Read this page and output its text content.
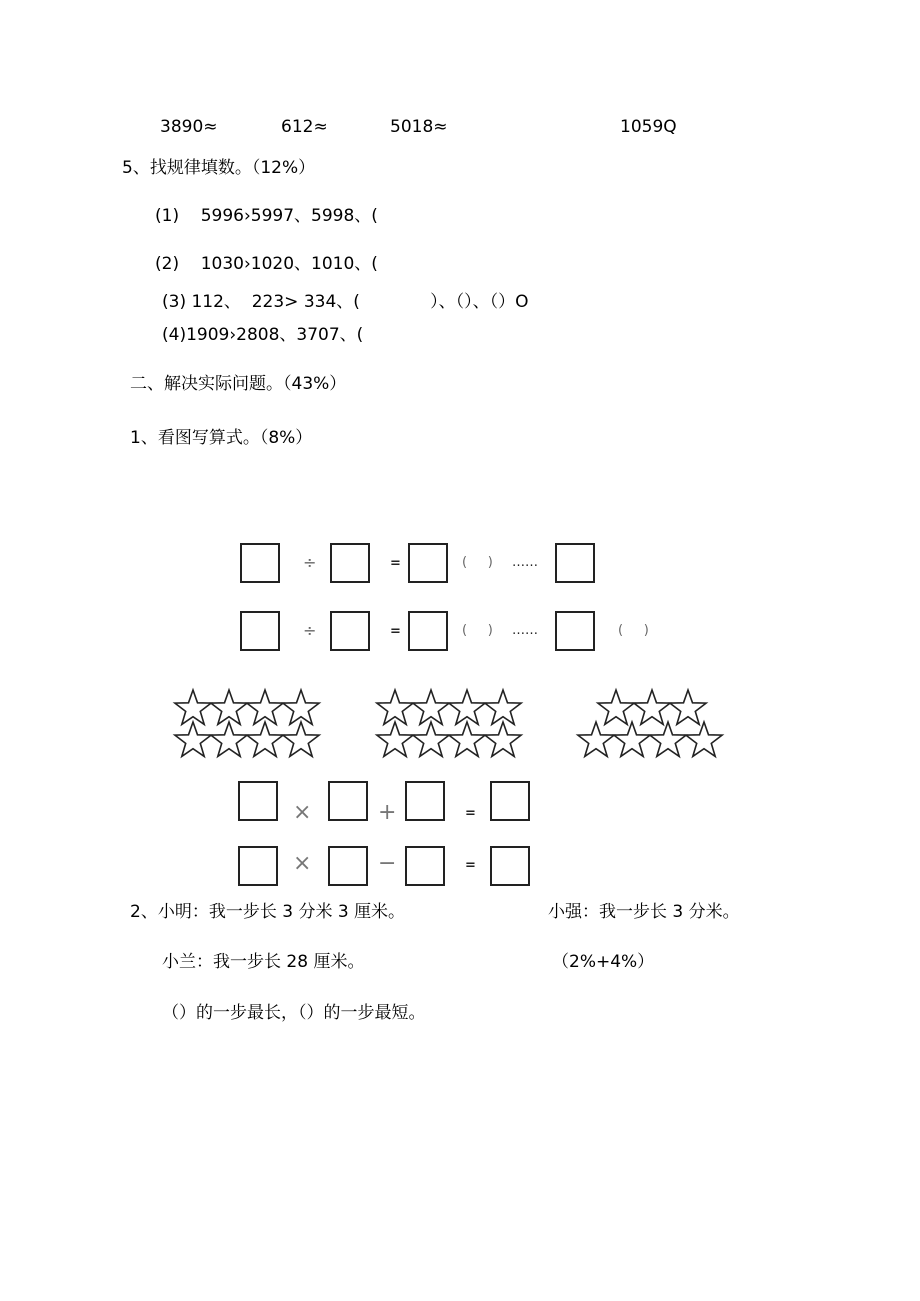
3890≈	612≈	5018≈	1059Q
5、找规律填数。（12%）
(1)    5996›5997、5998、(
(2)    1030›1020、1010、(
(3) 112、  223> 334、(             ）、（）、（）O
(4)1909›2808、3707、(
二、解决实际问题。（43%）
1、看图写算式。（8%）
÷	=	(     ) ……
÷	=	(     ) ……	(     )
×	+	=
×	−	=
2、小明：我一步长 3 分米 3 厘米。	小强：我一步长 3 分米。
小兰：我一步长 28 厘米。	（2%+4%）
（）的一步最长，（）的一步最短。
